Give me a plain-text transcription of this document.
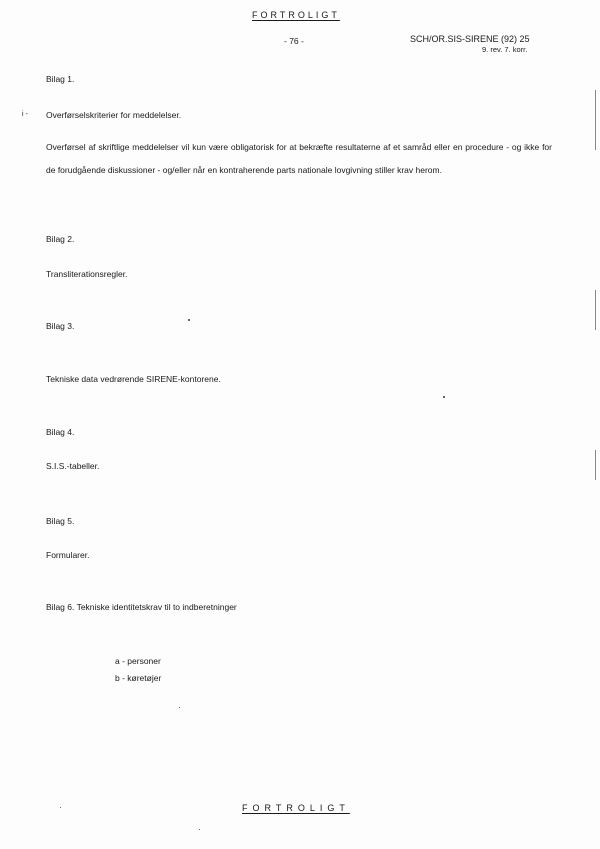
FORTROLIGT
- 76 -	SCH/OR.SIS-SIRENE (92) 25
9. rev. 7. korr.
Bilag 1.
i - Overførselskriterier for meddelelser.
Overførsel af skriftlige meddelelser vil kun være obligatorisk for at bekræfte resultaterne af et samråd eller en procedure - og ikke for de forudgående diskussioner - og/eller når en kontraherende parts nationale lovgivning stiller krav herom.
Bilag 2.
Transliterationsregler.
Bilag 3.
Tekniske data vedrørende SIRENE-kontorene.
Bilag 4.
S.I.S.-tabeller.
Bilag 5.
Formularer.
Bilag 6. Tekniske identitetskrav til to indberetninger
a - personer
b - køretøjer
FORTROLIGT
